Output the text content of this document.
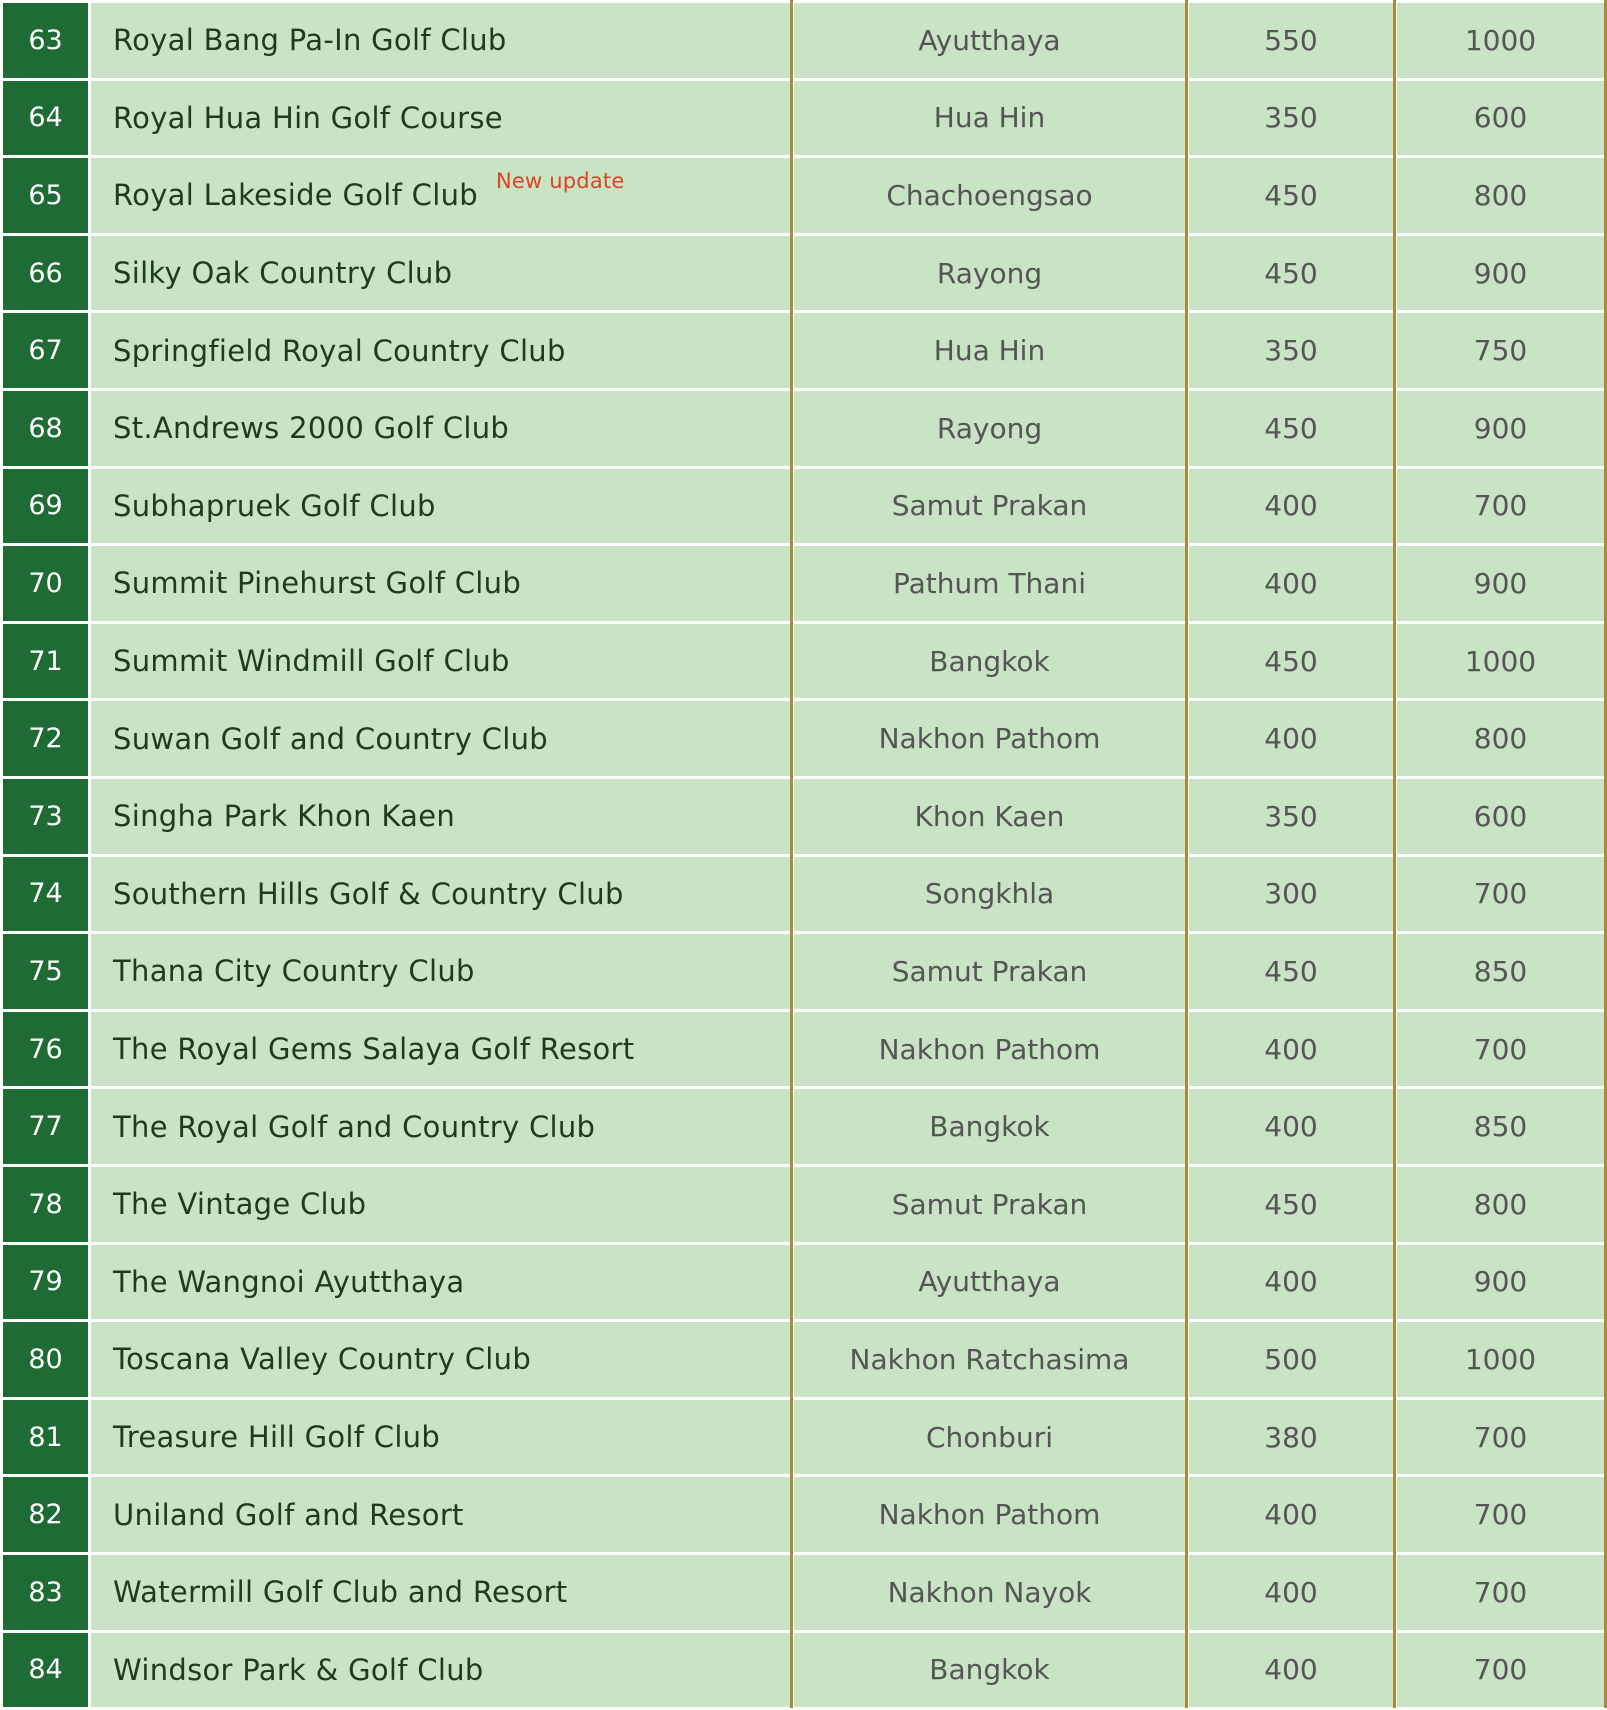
63	Royal Bang Pa-In Golf Club	Ayutthaya	550	1000
64	Royal Hua Hin Golf Course	Hua Hin	350	600
65	Royal Lakeside Golf Club New update	Chachoengsao	450	800
66	Silky Oak Country Club	Rayong	450	900
67	Springfield Royal Country Club	Hua Hin	350	750
68	St.Andrews 2000 Golf Club	Rayong	450	900
69	Subhapruek Golf Club	Samut Prakan	400	700
70	Summit Pinehurst Golf Club	Pathum Thani	400	900
71	Summit Windmill Golf Club	Bangkok	450	1000
72	Suwan Golf and Country Club	Nakhon Pathom	400	800
73	Singha Park Khon Kaen	Khon Kaen	350	600
74	Southern Hills Golf & Country Club	Songkhla	300	700
75	Thana City Country Club	Samut Prakan	450	850
76	The Royal Gems Salaya Golf Resort	Nakhon Pathom	400	700
77	The Royal Golf and Country Club	Bangkok	400	850
78	The Vintage Club	Samut Prakan	450	800
79	The Wangnoi Ayutthaya	Ayutthaya	400	900
80	Toscana Valley Country Club	Nakhon Ratchasima	500	1000
81	Treasure Hill Golf Club	Chonburi	380	700
82	Uniland Golf and Resort	Nakhon Pathom	400	700
83	Watermill Golf Club and Resort	Nakhon Nayok	400	700
84	Windsor Park & Golf Club	Bangkok	400	700
